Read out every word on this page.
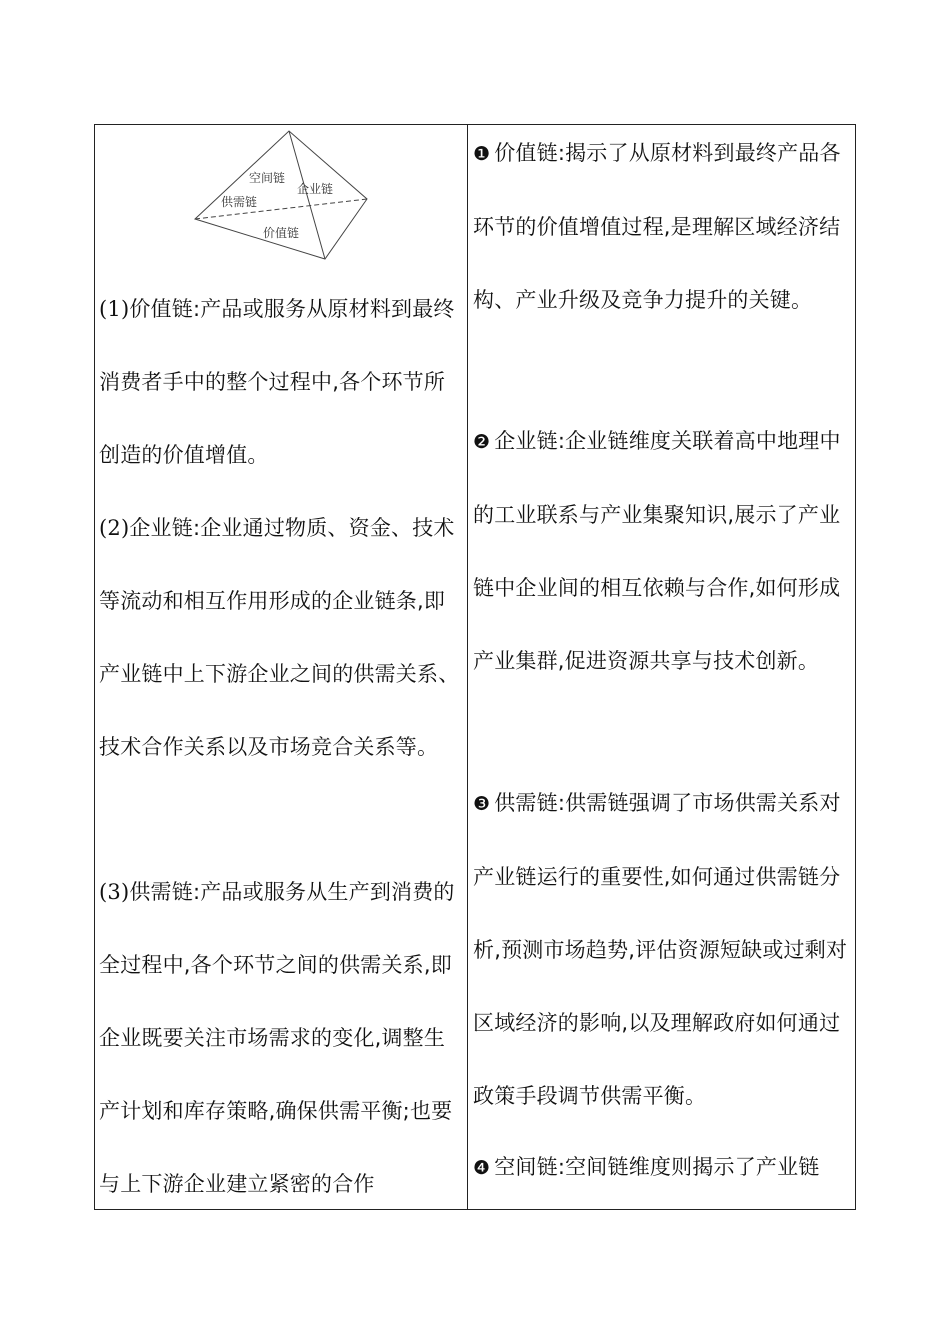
空间链
企业链
供需链
价值链

(1)价值链:产品或服务从原材料到最终消费者手中的整个过程中,各个环节所创造的价值增值。

(2)企业链:企业通过物质、资金、技术等流动和相互作用形成的企业链条,即产业链中上下游企业之间的供需关系、技术合作关系以及市场竞合关系等。

(3)供需链:产品或服务从生产到消费的全过程中,各个环节之间的供需关系,即企业既要关注市场需求的变化,调整生产计划和库存策略,确保供需平衡;也要与上下游企业建立紧密的合作

❶ 价值链:揭示了从原材料到最终产品各环节的价值增值过程,是理解区域经济结构、产业升级及竞争力提升的关键。

❷ 企业链:企业链维度关联着高中地理中的工业联系与产业集聚知识,展示了产业链中企业间的相互依赖与合作,如何形成产业集群,促进资源共享与技术创新。

❸ 供需链:供需链强调了市场供需关系对产业链运行的重要性,如何通过供需链分析,预测市场趋势,评估资源短缺或过剩对区域经济的影响,以及理解政府如何通过政策手段调节供需平衡。

❹ 空间链:空间链维度则揭示了产业链
